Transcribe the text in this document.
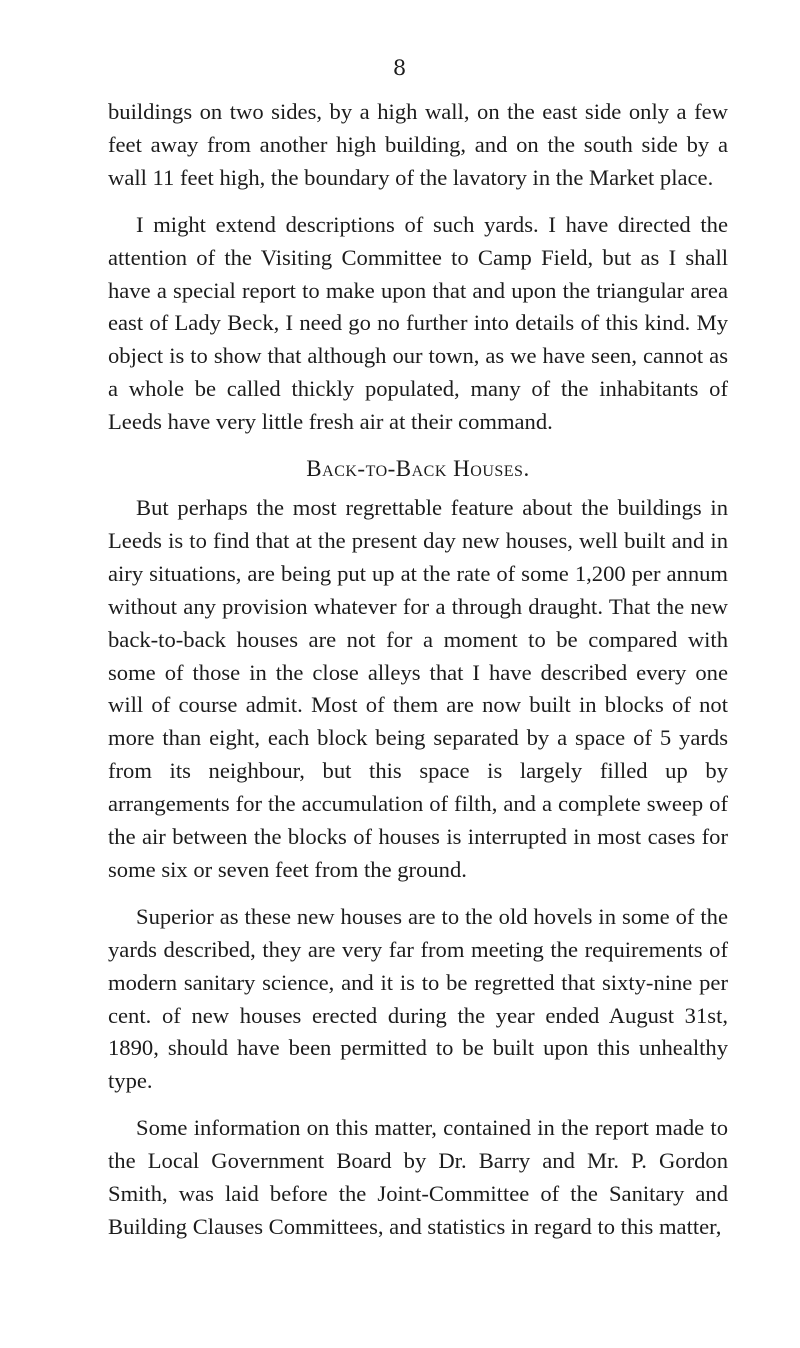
8

buildings on two sides, by a high wall, on the east side only a few feet away from another high building, and on the south side by a wall 11 feet high, the boundary of the lavatory in the Market place.

I might extend descriptions of such yards. I have directed the attention of the Visiting Committee to Camp Field, but as I shall have a special report to make upon that and upon the triangular area east of Lady Beck, I need go no further into details of this kind. My object is to show that although our town, as we have seen, cannot as a whole be called thickly populated, many of the inhabitants of Leeds have very little fresh air at their command.

Back-to-Back Houses.

But perhaps the most regrettable feature about the buildings in Leeds is to find that at the present day new houses, well built and in airy situations, are being put up at the rate of some 1,200 per annum without any provision whatever for a through draught. That the new back-to-back houses are not for a moment to be compared with some of those in the close alleys that I have described every one will of course admit. Most of them are now built in blocks of not more than eight, each block being separated by a space of 5 yards from its neighbour, but this space is largely filled up by arrangements for the accumulation of filth, and a complete sweep of the air between the blocks of houses is interrupted in most cases for some six or seven feet from the ground.

Superior as these new houses are to the old hovels in some of the yards described, they are very far from meeting the requirements of modern sanitary science, and it is to be regretted that sixty-nine per cent. of new houses erected during the year ended August 31st, 1890, should have been permitted to be built upon this unhealthy type.

Some information on this matter, contained in the report made to the Local Government Board by Dr. Barry and Mr. P. Gordon Smith, was laid before the Joint-Committee of the Sanitary and Building Clauses Committees, and statistics in regard to this matter,
